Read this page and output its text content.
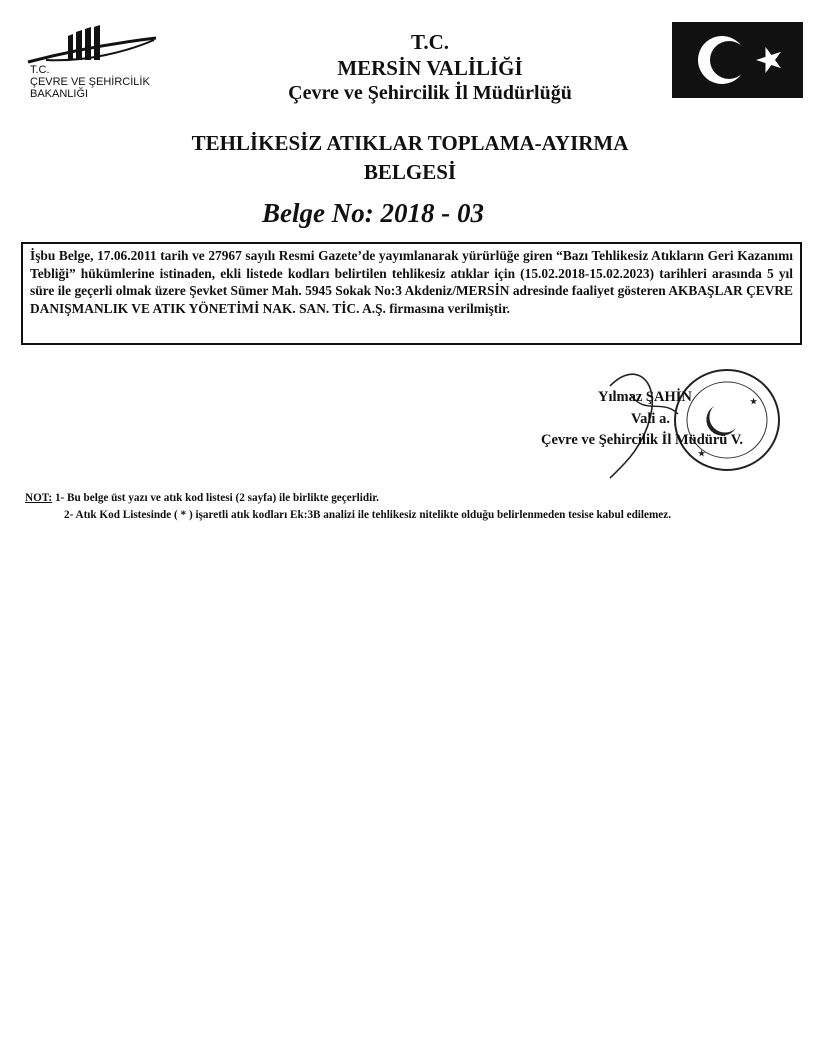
T.C.
ÇEVRE VE ŞEHİRCİLİK
BAKANLIĞI
T.C.
MERSİN VALİLİĞİ
Çevre ve Şehircilik İl Müdürlüğü
TEHLİKESİZ ATIKLAR TOPLAMA-AYIRMA
BELGESİ
Belge No: 2018 - 03

İşbu Belge, 17.06.2011 tarih ve 27967 sayılı Resmi Gazete’de yayımlanarak yürürlüğe giren “Bazı Tehlikesiz Atıkların Geri Kazanımı Tebliği” hükümlerine istinaden, ekli listede kodları belirtilen tehlikesiz atıklar için (15.02.2018-15.02.2023) tarihleri arasında 5 yıl süre ile geçerli olmak üzere Şevket Sümer Mah. 5945 Sokak No:3 Akdeniz/MERSİN adresinde faaliyet gösteren AKBAŞLAR ÇEVRE DANIŞMANLIK VE ATIK YÖNETİMİ NAK. SAN. TİC. A.Ş. firmasına verilmiştir.

★
★
Yılmaz ŞAHİN
Vali a.
Çevre ve Şehircilik İl Müdürü V.
NOT: 1- Bu belge üst yazı ve atık kod listesi (2 sayfa) ile birlikte geçerlidir.
2- Atık Kod Listesinde ( * ) işaretli atık kodları Ek:3B analizi ile tehlikesiz nitelikte olduğu belirlenmeden tesise kabul edilemez.
